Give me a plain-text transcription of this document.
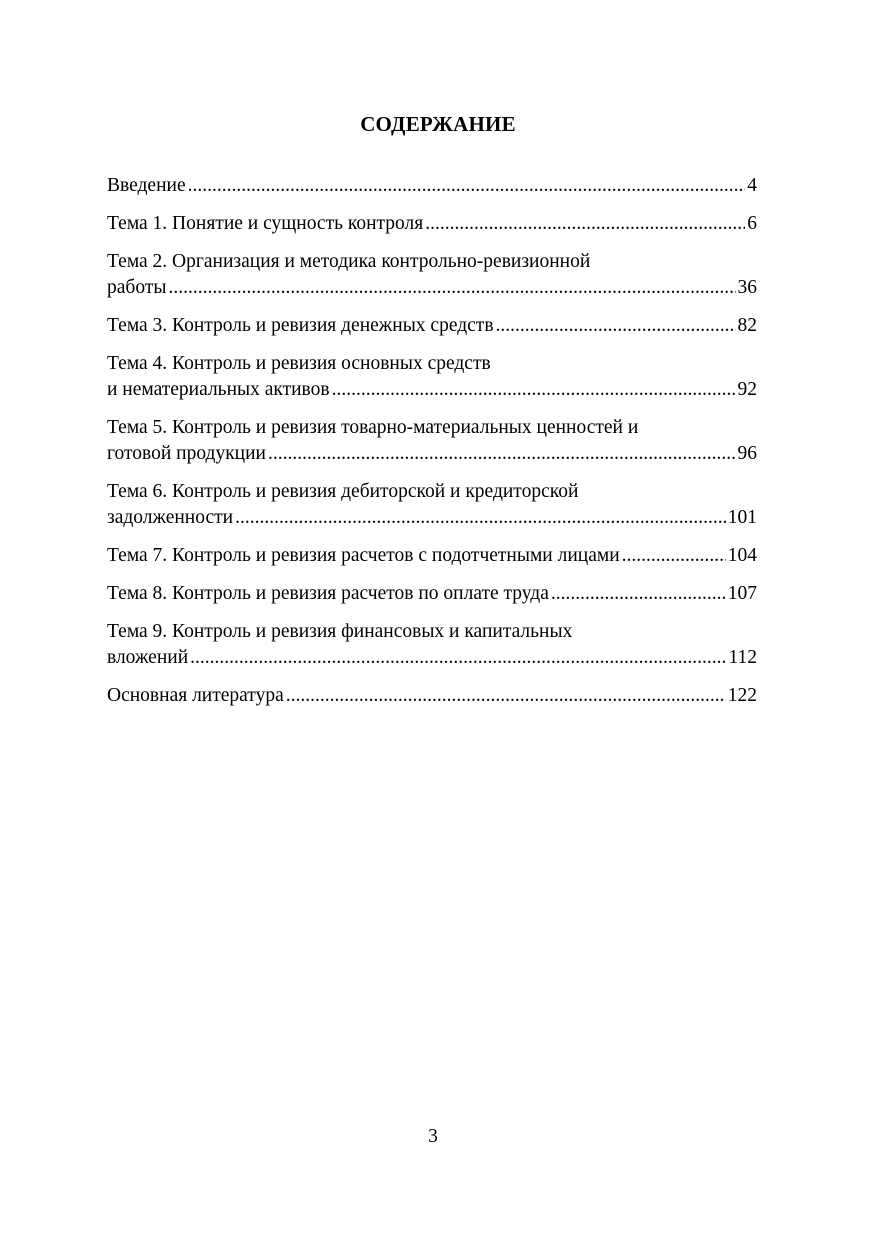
СОДЕРЖАНИЕ
Введение .....	4
Тема 1. Понятие и сущность контроля .....	6
Тема 2. Организация и методика контрольно-ревизионной
работы .....	36
Тема 3. Контроль и ревизия денежных средств .....	82
Тема 4. Контроль и ревизия основных средств
и нематериальных активов .....	92
Тема 5. Контроль и ревизия товарно-материальных ценностей и
готовой продукции .....	96
Тема 6. Контроль и ревизия дебиторской и кредиторской
задолженности .....	101
Тема 7. Контроль и ревизия расчетов с подотчетными лицами .....	104
Тема 8. Контроль и ревизия расчетов по оплате труда .....	107
Тема 9. Контроль и ревизия финансовых и капитальных
вложений .....	112
Основная литература .....	122
3
